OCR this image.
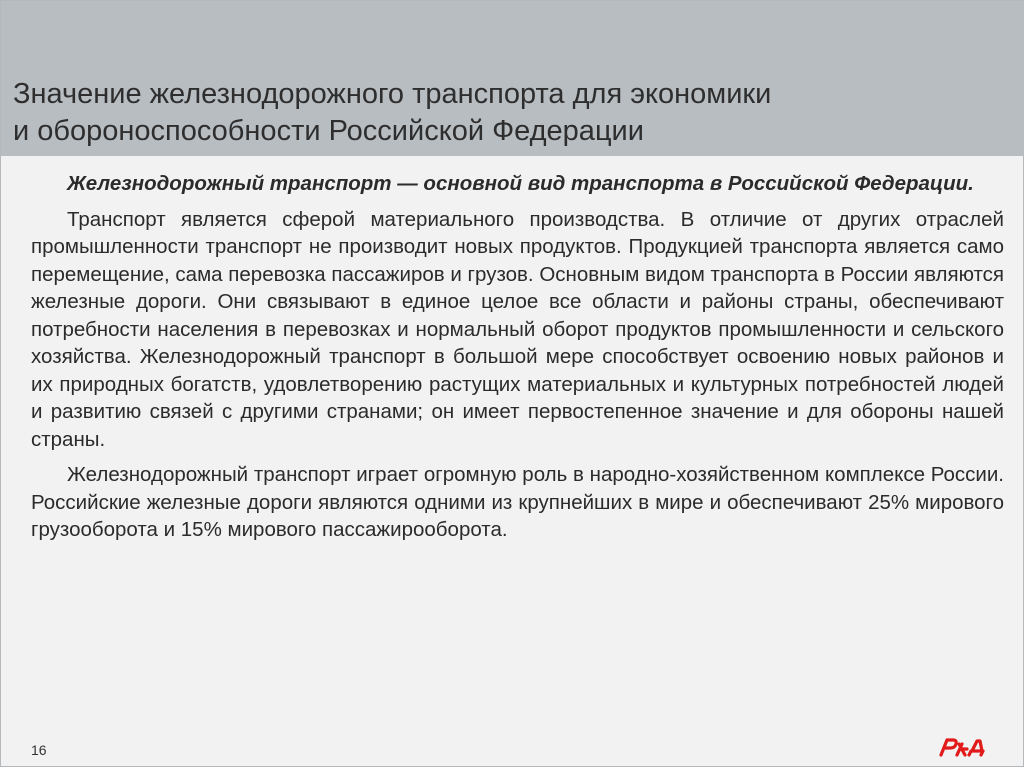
Значение железнодорожного транспорта для экономики
и обороноспособности Российской Федерации

Железнодорожный транспорт — основной вид транспорта в Российской Федерации.

Транспорт является сферой материального производства. В отличие от других отраслей промышленности транспорт не производит новых продуктов. Продукцией транспорта является само перемещение, сама перевозка пассажиров и грузов. Основным видом транспорта в России являются железные дороги. Они связывают в единое целое все области и районы страны, обеспечивают потребности населения в перевозках и нормальный оборот продуктов промышленности и сельского хозяйства. Железнодорожный транспорт в большой мере способствует освоению новых районов и их природных богатств, удовлетворению растущих материальных и культурных потребностей людей и развитию связей с другими странами; он имеет первостепенное значение и для обороны нашей страны.

Железнодорожный транспорт играет огромную роль в народно-хозяйственном комплексе России. Российские железные дороги являются одними из крупнейших в мире и обеспечивают 25% мирового грузооборота и 15% мирового пассажирооборота.

16
